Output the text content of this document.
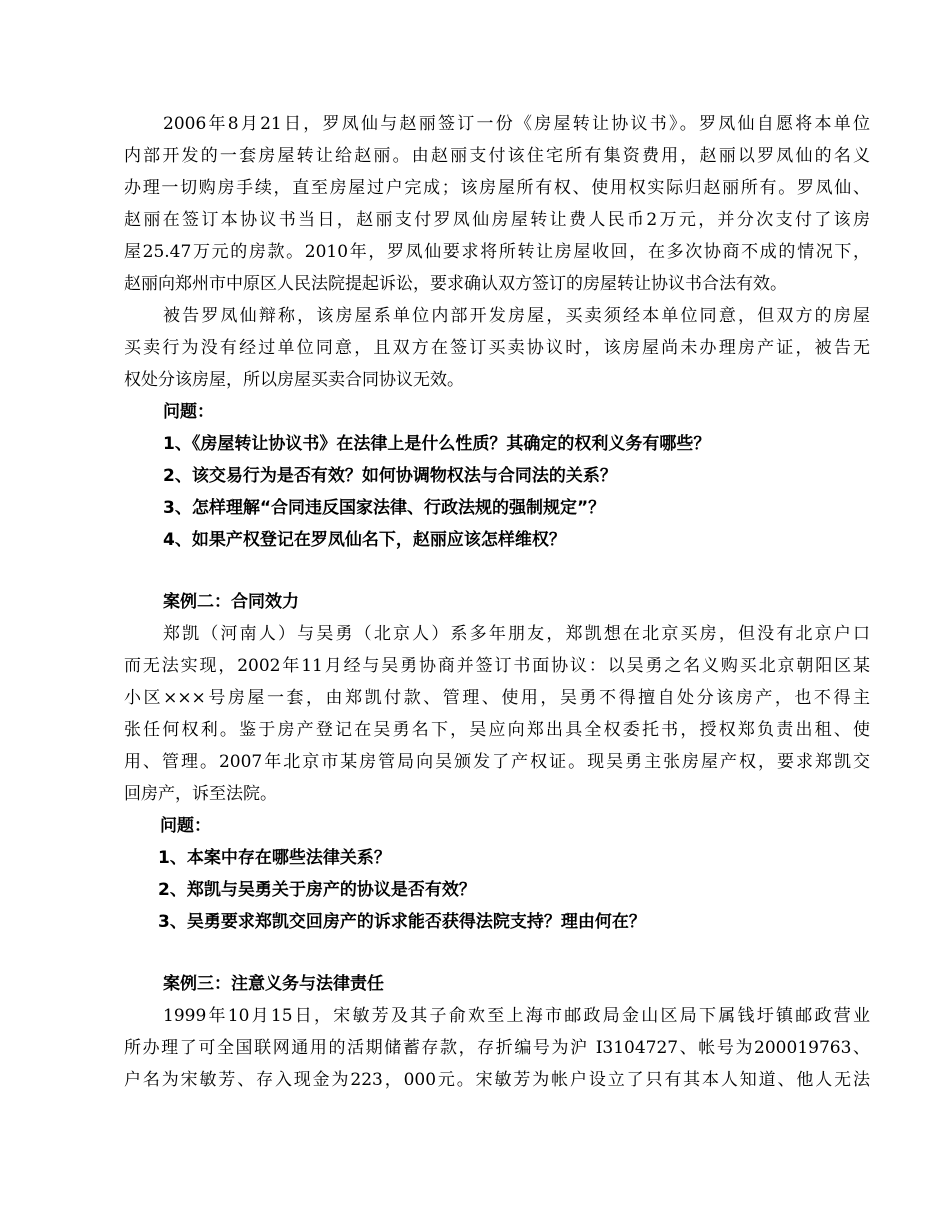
2006年8月21日，罗凤仙与赵丽签订一份《房屋转让协议书》。罗凤仙自愿将本单位
内部开发的一套房屋转让给赵丽。由赵丽支付该住宅所有集资费用，赵丽以罗凤仙的名义
办理一切购房手续，直至房屋过户完成；该房屋所有权、使用权实际归赵丽所有。罗凤仙、
赵丽在签订本协议书当日，赵丽支付罗凤仙房屋转让费人民币2万元，并分次支付了该房
屋25.47万元的房款。2010年，罗凤仙要求将所转让房屋收回，在多次协商不成的情况下，
赵丽向郑州市中原区人民法院提起诉讼，要求确认双方签订的房屋转让协议书合法有效。
被告罗凤仙辩称，该房屋系单位内部开发房屋，买卖须经本单位同意，但双方的房屋
买卖行为没有经过单位同意，且双方在签订买卖协议时，该房屋尚未办理房产证，被告无
权处分该房屋，所以房屋买卖合同协议无效。
问题：
1、《房屋转让协议书》在法律上是什么性质？其确定的权利义务有哪些？
2、该交易行为是否有效？如何协调物权法与合同法的关系？
3、怎样理解“合同违反国家法律、行政法规的强制规定”？
4、如果产权登记在罗凤仙名下，赵丽应该怎样维权？
案例二：合同效力
郑凯（河南人）与吴勇（北京人）系多年朋友，郑凯想在北京买房，但没有北京户口
而无法实现，2002年11月经与吴勇协商并签订书面协议：以吴勇之名义购买北京朝阳区某
小区×××号房屋一套，由郑凯付款、管理、使用，吴勇不得擅自处分该房产，也不得主
张任何权利。鉴于房产登记在吴勇名下，吴应向郑出具全权委托书，授权郑负责出租、使
用、管理。2007年北京市某房管局向吴颁发了产权证。现吴勇主张房屋产权，要求郑凯交
回房产，诉至法院。
问题：
1、本案中存在哪些法律关系？
2、郑凯与吴勇关于房产的协议是否有效？
3、吴勇要求郑凯交回房产的诉求能否获得法院支持？理由何在？
案例三：注意义务与法律责任
1999年10月15日，宋敏芳及其子俞欢至上海市邮政局金山区局下属钱圩镇邮政营业
所办理了可全国联网通用的活期储蓄存款，存折编号为沪 I3104727、帐号为200019763、
户名为宋敏芳、存入现金为223，000元。宋敏芳为帐户设立了只有其本人知道、他人无法
